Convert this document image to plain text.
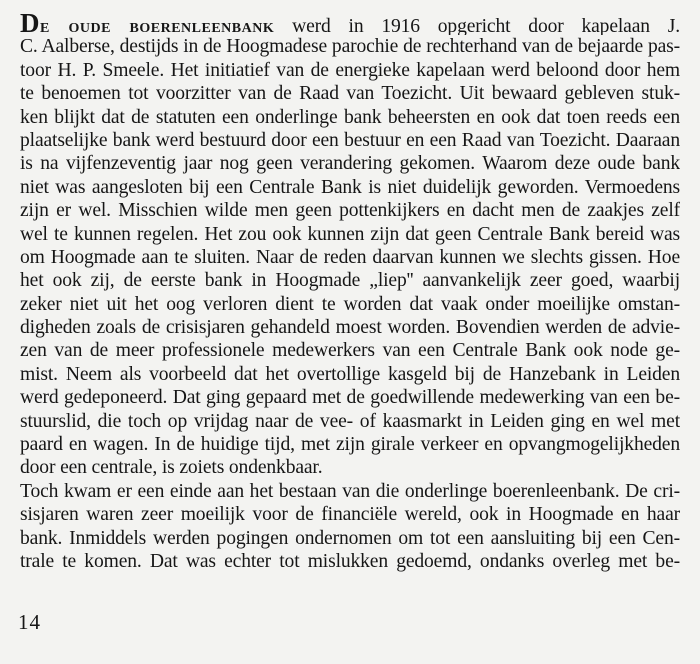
De oude boerenleenbank werd in 1916 opgericht door kapelaan J.
C. Aalberse, destijds in de Hoogmadese parochie de rechterhand van de bejaarde pas-
toor H. P. Smeele. Het initiatief van de energieke kapelaan werd beloond door hem
te benoemen tot voorzitter van de Raad van Toezicht. Uit bewaard gebleven stuk-
ken blijkt dat de statuten een onderlinge bank beheersten en ook dat toen reeds een
plaatselijke bank werd bestuurd door een bestuur en een Raad van Toezicht. Daaraan
is na vijfenzeventig jaar nog geen verandering gekomen. Waarom deze oude bank
niet was aangesloten bij een Centrale Bank is niet duidelijk geworden. Vermoedens
zijn er wel. Misschien wilde men geen pottenkijkers en dacht men de zaakjes zelf
wel te kunnen regelen. Het zou ook kunnen zijn dat geen Centrale Bank bereid was
om Hoogmade aan te sluiten. Naar de reden daarvan kunnen we slechts gissen. Hoe
het ook zij, de eerste bank in Hoogmade „liep'' aanvankelijk zeer goed, waarbij
zeker niet uit het oog verloren dient te worden dat vaak onder moeilijke omstan-
digheden zoals de crisisjaren gehandeld moest worden. Bovendien werden de advie-
zen van de meer professionele medewerkers van een Centrale Bank ook node ge-
mist. Neem als voorbeeld dat het overtollige kasgeld bij de Hanzebank in Leiden
werd gedeponeerd. Dat ging gepaard met de goedwillende medewerking van een be-
stuurslid, die toch op vrijdag naar de vee- of kaasmarkt in Leiden ging en wel met
paard en wagen. In de huidige tijd, met zijn girale verkeer en opvangmogelijkheden
door een centrale, is zoiets ondenkbaar.
Toch kwam er een einde aan het bestaan van die onderlinge boerenleenbank. De cri-
sisjaren waren zeer moeilijk voor de financiële wereld, ook in Hoogmade en haar
bank. Inmiddels werden pogingen ondernomen om tot een aansluiting bij een Cen-
trale te komen. Dat was echter tot mislukken gedoemd, ondanks overleg met be-
14
